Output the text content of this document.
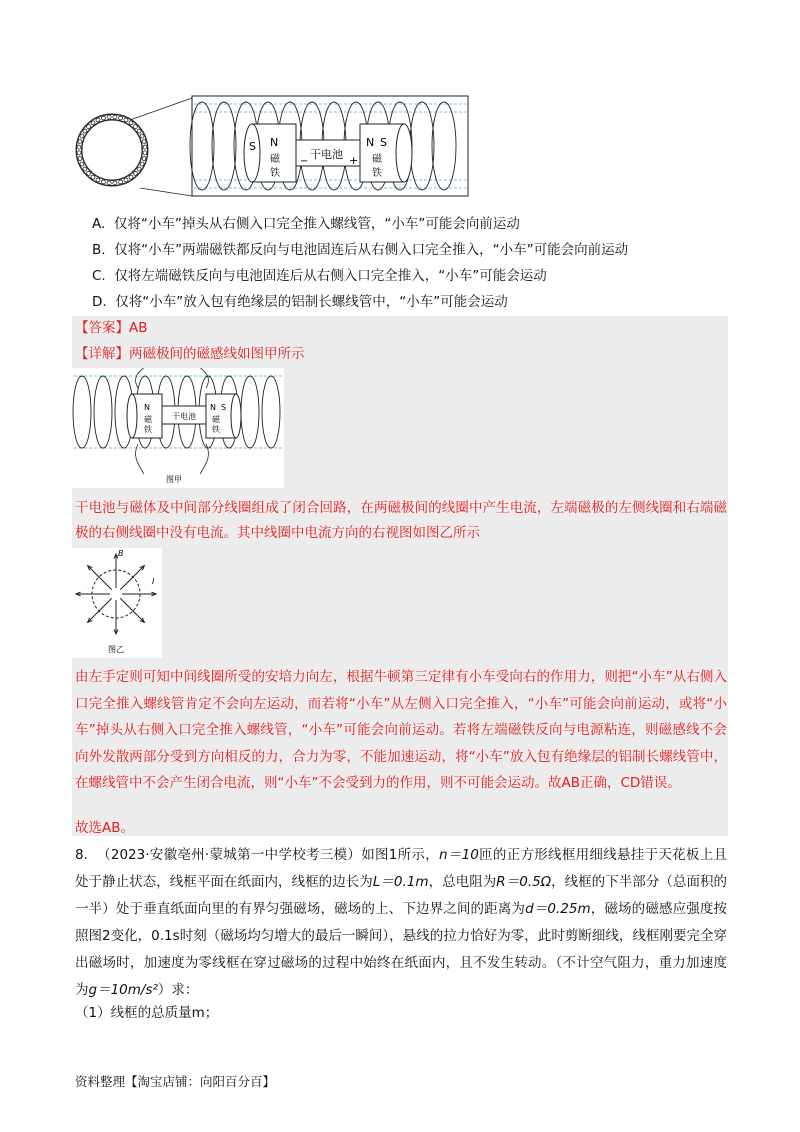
S N
磁
铁
干电池
−	+
N S
磁
铁
A. 仅将“小车”掉头从右侧入口完全推入螺线管，“小车”可能会向前运动
B. 仅将“小车”两端磁铁都反向与电池固连后从右侧入口完全推入，“小车”可能会向前运动
C. 仅将左端磁铁反向与电池固连后从右侧入口完全推入，“小车”可能会运动
D. 仅将“小车”放入包有绝缘层的铝制长螺线管中，“小车”可能会运动
【答案】AB
【详解】两磁极间的磁感线如图甲所示
N
磁
铁
干电池
N S
磁
铁
图甲
干电池与磁体及中间部分线圈组成了闭合回路，在两磁极间的线圈中产生电流，左端磁极的左侧线圈和右端磁极的右侧线圈中没有电流。其中线圈中电流方向的右视图如图乙所示
B
I
图乙
由左手定则可知中间线圈所受的安培力向左，根据牛顿第三定律有小车受向右的作用力，则把“小车”从右侧入口完全推入螺线管肯定不会向左运动，而若将“小车”从左侧入口完全推入，“小车”可能会向前运动，或将“小车”掉头从右侧入口完全推入螺线管，“小车”可能会向前运动。若将左端磁铁反向与电源粘连，则磁感线不会向外发散两部分受到方向相反的力，合力为零，不能加速运动，将“小车”放入包有绝缘层的铝制长螺线管中，在螺线管中不会产生闭合电流，则“小车”不会受到力的作用，则不可能会运动。故AB正确，CD错误。
故选AB。
8. （2023·安徽亳州·蒙城第一中学校考三模）如图1所示，n＝10匝的正方形线框用细线悬挂于天花板上且处于静止状态，线框平面在纸面内，线框的边长为L＝0.1m，总电阻为R＝0.5Ω，线框的下半部分（总面积的一半）处于垂直纸面向里的有界匀强磁场，磁场的上、下边界之间的距离为d＝0.25m，磁场的磁感应强度按照图2变化，0.1s时刻（磁场均匀增大的最后一瞬间），悬线的拉力恰好为零，此时剪断细线，线框刚要完全穿出磁场时，加速度为零线框在穿过磁场的过程中始终在纸面内，且不发生转动。（不计空气阻力，重力加速度为g＝10m/s²）求：
（1）线框的总质量m；
资料整理【淘宝店铺：向阳百分百】
